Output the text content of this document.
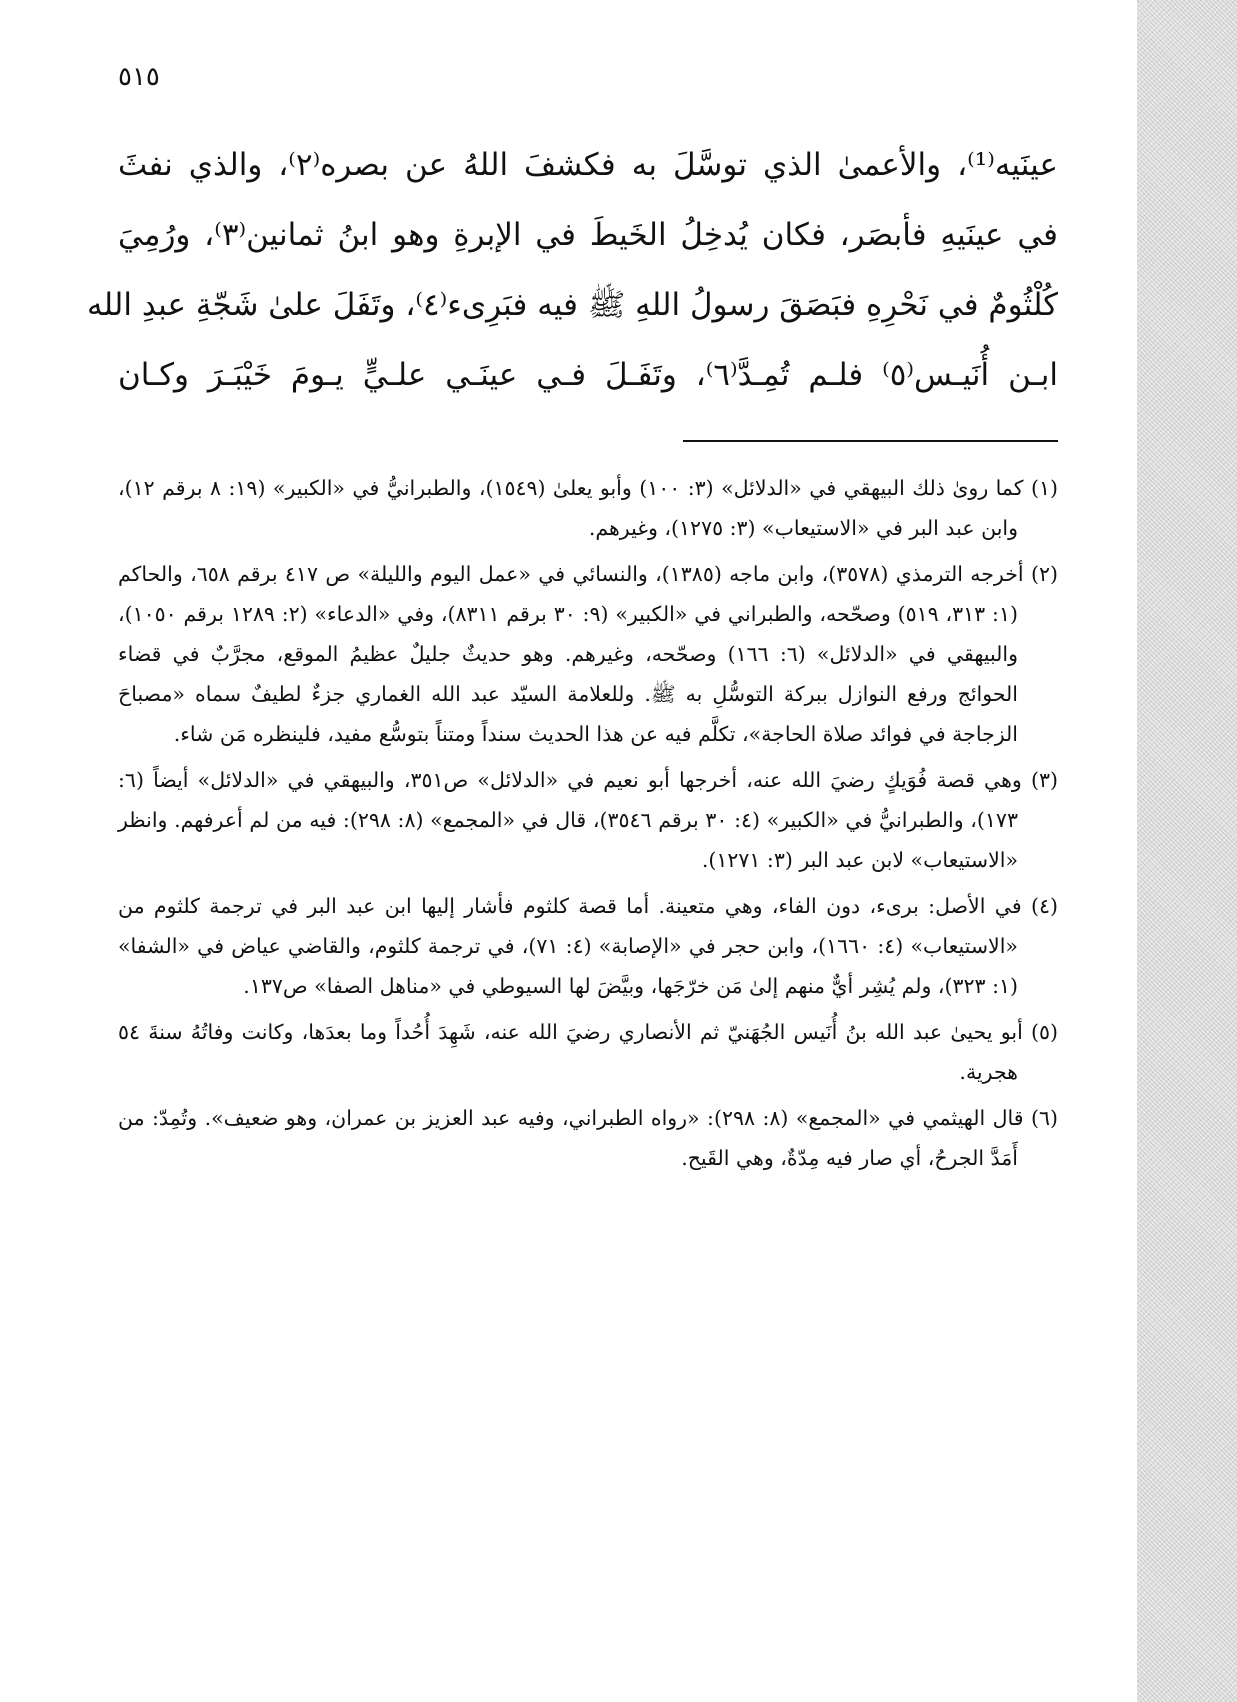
٥١٥
عينَيه⁽¹⁾، والأعمىٰ الذي توسَّلَ به فكشفَ اللهُ عن بصره⁽٢⁾، والذي نفثَ
في عينَيهِ فأبصَر، فكان يُدخِلُ الخَيطَ في الإبرةِ وهو ابنُ ثمانين⁽٣⁾، ورُمِيَ
كُلْثُومٌ في نَحْرِهِ فبَصَقَ رسولُ اللهِ ﷺ فيه فبَرِىء⁽٤⁾، وتَفَلَ علىٰ شَجّةِ عبدِ الله
ابـن أُنَيـس⁽٥⁾ فلـم تُمِـدَّ⁽٦⁾، وتَفَـلَ فـي عينَـي علـيٍّ يـومَ خَيْبَـرَ وكـان

(١) كما روىٰ ذلك البيهقي في «الدلائل» (٣: ١٠٠) وأبو يعلىٰ (١٥٤٩)، والطبرانيُّ في «الكبير» (١٩: ٨ برقم ١٢)، وابن عبد البر في «الاستيعاب» (٣: ١٢٧٥)، وغيرهم.

(٢) أخرجه الترمذي (٣٥٧٨)، وابن ماجه (١٣٨٥)، والنسائي في «عمل اليوم والليلة» ص ٤١٧ برقم ٦٥٨، والحاكم (١: ٣١٣، ٥١٩) وصحّحه، والطبراني في «الكبير» (٩: ٣٠ برقم ٨٣١١)، وفي «الدعاء» (٢: ١٢٨٩ برقم ١٠٥٠)، والبيهقي في «الدلائل» (٦: ١٦٦) وصحّحه، وغيرهم. وهو حديثٌ جليلٌ عظيمُ الموقع، مجرَّبٌ في قضاء الحوائج ورفع النوازل ببركة التوسُّلِ به ﷺ. وللعلامة السيّد عبد الله الغماري جزءٌ لطيفٌ سماه «مصباحَ الزجاجة في فوائد صلاة الحاجة»، تكلَّم فيه عن هذا الحديث سنداً ومتناً بتوسُّع مفيد، فلينظره مَن شاء.

(٣) وهي قصة فُوَيكٍ رضيَ الله عنه، أخرجها أبو نعيم في «الدلائل» ص٣٥١، والبيهقي في «الدلائل» أيضاً (٦: ١٧٣)، والطبرانيُّ في «الكبير» (٤: ٣٠ برقم ٣٥٤٦)، قال في «المجمع» (٨: ٢٩٨): فيه من لم أعرفهم. وانظر «الاستيعاب» لابن عبد البر (٣: ١٢٧١).

(٤) في الأصل: برىء، دون الفاء، وهي متعينة. أما قصة كلثوم فأشار إليها ابن عبد البر في ترجمة كلثوم من «الاستيعاب» (٤: ١٦٦٠)، وابن حجر في «الإصابة» (٤: ٧١)، في ترجمة كلثوم، والقاضي عياض في «الشفا» (١: ٣٢٣)، ولم يُشِر أيٌّ منهم إلىٰ مَن خرّجَها، وبيَّضَ لها السيوطي في «مناهل الصفا» ص١٣٧.

(٥) أبو يحيىٰ عبد الله بنُ أُنَيس الجُهَنيّ ثم الأنصاري رضيَ الله عنه، شَهِدَ أُحُداً وما بعدَها، وكانت وفاتُهُ سنةَ ٥٤ هجرية.

(٦) قال الهيثمي في «المجمع» (٨: ٢٩٨): «رواه الطبراني، وفيه عبد العزيز بن عمران، وهو ضعيف». وتُمِدّ: من أَمَدَّ الجرحُ، أي صار فيه مِدّةٌ، وهي القَيح.
